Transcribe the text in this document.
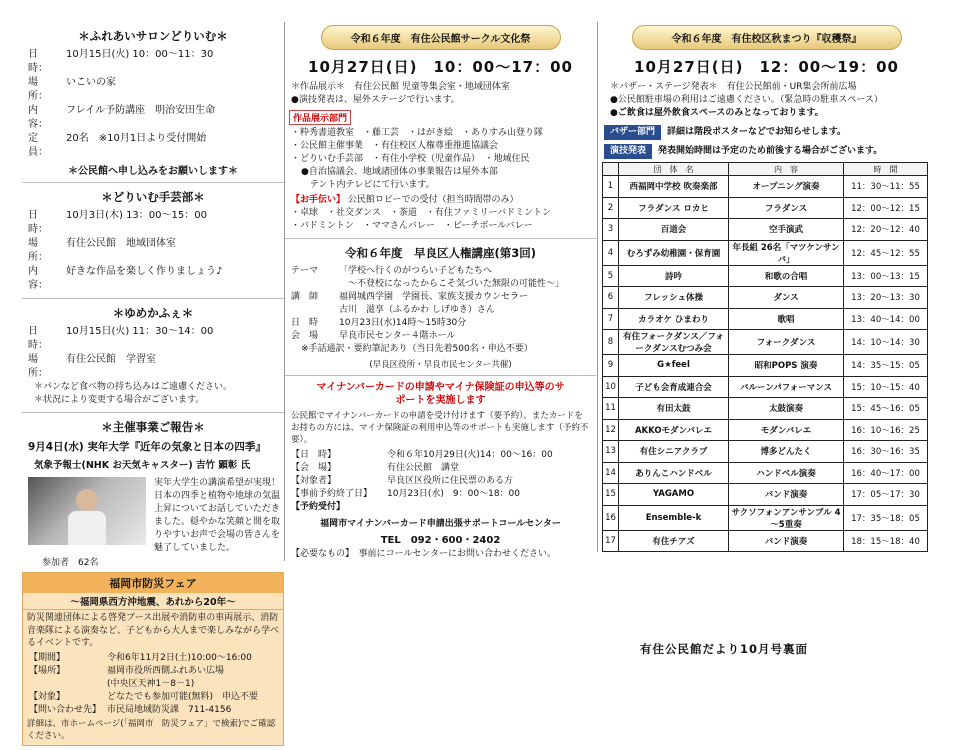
＊ふれあいサロンどりいむ＊
日　時：
10月15日(火) 10：00～11：30
場　所：
いこいの家
内　容：
フレイル予防講座　明治安田生命
定　員：
20名　※10月1日より受付開始
＊公民館へ申し込みをお願いします＊
＊どりいむ手芸部＊
日　時：
10月3日(木) 13：00～15：00
場　所：
有住公民館　地域団体室
内　容：
好きな作品を楽しく作りましょう♪
＊ゆめかふぇ＊
日　時：
10月15日(火) 11：30～14：00
場　所：
有住公民館　学習室
＊パンなど食べ物の持ち込みはご遠慮ください。
＊状況により変更する場合がございます。
＊主催事業ご報告＊
9月4日(水) 実年大学『近年の気象と日本の四季』
気象予報士(NHK お天気キャスター) 吉竹 顕彰 氏
実年大学生の講演希望が実現！日本の四季と植物や地球の気温上昇についてお話していただきました。穏やかな笑顔と間を取りやすいお声で会場の皆さんを魅了していました。
参加者　62名
福岡市防災フェア
～福岡県西方沖地震、あれから20年～
防災関連団体による啓発ブース出展や消防車の車両展示、消防音楽隊による演奏など、子どもから大人まで楽しみながら学べるイベントです。
【期間】	令和6年11月2日(土)10:00～16:00
【場所】	福岡市役所西側ふれあい広場
(中央区天神1－8－1)
【対象】	どなたでも参加可能(無料)　申込不要
【問い合わせ先】 市民局地域防災課　711-4156
詳細は、市ホームページ(「福岡市　防災フェア」で検索)でご確認ください。
令和６年度　有住公民館サークル文化祭
10月27日(日)　10：00～17：00
＊作品展示＊　有住公民館 児童等集会室・地域団体室
●演技発表は、屋外ステージで行います。
作品展示部門
・粋秀書道教室　・藤工芸　・はがき絵　・ありすみ山登り隊
・公民館主催事業　・有住校区人権尊重推進協議会
・どりいむ手芸部　・有住小学校（児童作品）　・地域住民
●自治協議会、地域諸団体の事業報告は屋外本部
　テント内テレビにて行います。
【お手伝い】 公民館ロビーでの受付（担当時間帯のみ）
・卓球　・社交ダンス　・茶道　・有住ファミリーバドミントン
・バドミントン　・ママさんバレー　・ビーチボールバレー
令和６年度　早良区人権講座(第3回)
テーマ	「学校へ行くのがつらい子どもたちへ
　～不登校になったからこそ気づいた無限の可能性～」
講　師	福岡城西学園　学園長、家族支援カウンセラー
古川　滋享（ふるかわ しげゆき）さん
日　時	10月23日(水)14時～15時30分
会　場	早良市民センター４階ホール
※手話通訳・要約筆記あり（当日先着500名・申込不要）
(早良区役所・早良市民センター共催)
マイナンバーカードの申請やマイナ保険証の申込等のサポートを実施します
公民館でマイナンバーカードの申請を受け付けます（要予約）。またカードをお持ちの方には、マイナ保険証の利用申込等のサポートも実施します（予約不要）。
【日　時】	令和６年10月29日(火)14：00～16：00
【会　場】	有住公民館　講堂
【対象者】	早良区区役所に住民票のある方
【事前予約終了日】	10月23日(水)　9：00～18：00
【予約受付】
福岡市マイナンバーカード申請出張サポートコールセンター
TEL　092・600・2402
【必要なもの】　事前にコールセンターにお問い合わせください。
令和６年度　有住校区秋まつり『収穫祭』
10月27日(日)　12：00～19：00
＊バザー・ステージ発表＊　有住公民館前・UR集会所前広場
●公民館駐車場の利用はご遠慮ください。（緊急時の駐車スペース）
●ご飲食は屋外飲食スペースのみとなっております。
バザー部門 詳細は階段ポスターなどでお知らせします。
演技発表 発表開始時間は予定のため前後する場合がございます。
	団　体　名	内　容	時　間
1	西福岡中学校 吹奏楽部	オープニング演奏	11：30～11：55
2	フラダンス ロカヒ	フラダンス	12：00～12：15
3	百道会	空手演武	12：20～12：40
4	むろずみ幼稚園・保育園	年長組 26名「マツケンサンバ」	12：45～12：55
5	詩吟	和歌の合唱	13：00～13：15
6	フレッシュ体操	ダンス	13：20～13：30
7	カラオケ ひまわり	歌唱	13：40～14：00
8	有住フォークダンス／フォークダンスむつみ会	フォークダンス	14：10～14：30
9	G★feel	昭和POPS 演奏	14：35～15：05
10	子ども会育成連合会	バルーンパフォーマンス	15：10～15：40
11	有田太鼓	太鼓演奏	15：45～16：05
12	AKKOモダンバレエ	モダンバレエ	16：10～16：25
13	有住シニアクラブ	博多どんたく	16：30～16：35
14	ありんこハンドベル	ハンドベル演奏	16：40～17：00
15	YAGAMO	バンド演奏	17：05～17：30
16	Ensemble-k	サクソフォンアンサンブル 4～5重奏	17：35～18：05
17	有住チアズ	バンド演奏	18：15～18：40
有住公民館だより10月号裏面
